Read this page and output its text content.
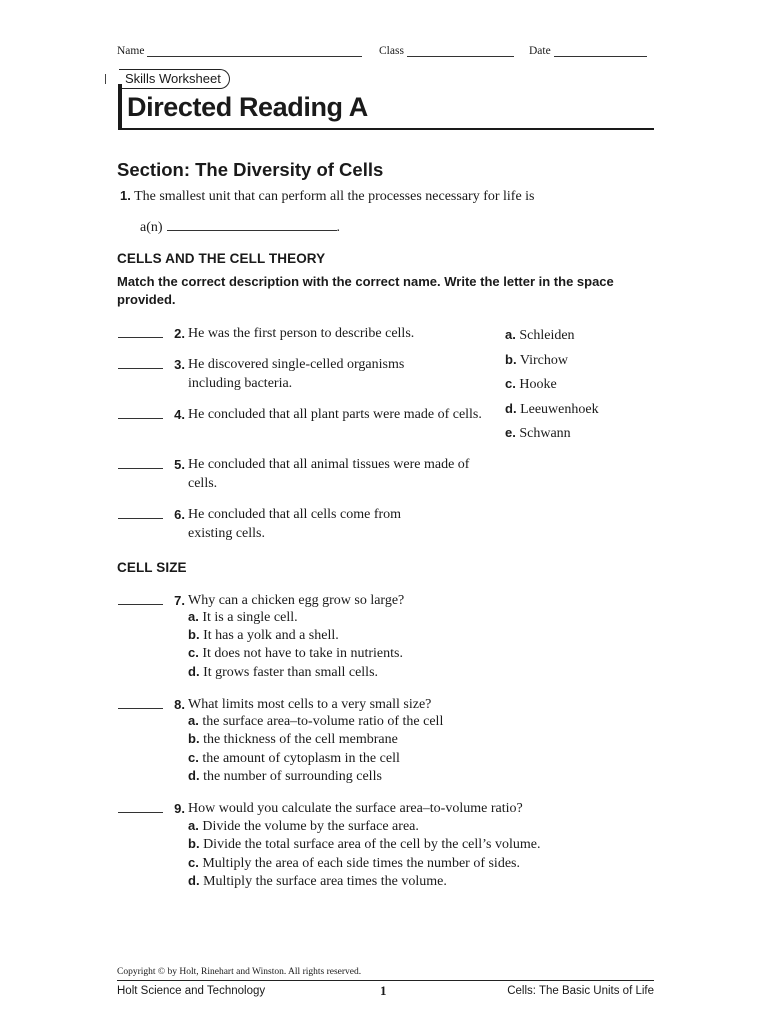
Name	Class	Date
Skills Worksheet
Directed Reading A
Section: The Diversity of Cells
1. The smallest unit that can perform all the processes necessary for life is
a(n)	.
CELLS AND THE CELL THEORY
Match the correct description with the correct name. Write the letter in the space provided.
2. He was the first person to describe cells.
3. He discovered single-celled organisms including bacteria.
4. He concluded that all plant parts were made of cells.
5. He concluded that all animal tissues were made of cells.
6. He concluded that all cells come from existing cells.
a. Schleiden
b. Virchow
c. Hooke
d. Leeuwenhoek
e. Schwann
CELL SIZE
7. Why can a chicken egg grow so large?
a. It is a single cell.
b. It has a yolk and a shell.
c. It does not have to take in nutrients.
d. It grows faster than small cells.
8. What limits most cells to a very small size?
a. the surface area–to-volume ratio of the cell
b. the thickness of the cell membrane
c. the amount of cytoplasm in the cell
d. the number of surrounding cells
9. How would you calculate the surface area–to-volume ratio?
a. Divide the volume by the surface area.
b. Divide the total surface area of the cell by the cell’s volume.
c. Multiply the area of each side times the number of sides.
d. Multiply the surface area times the volume.
Copyright © by Holt, Rinehart and Winston. All rights reserved.
Holt Science and Technology	1	Cells: The Basic Units of Life
